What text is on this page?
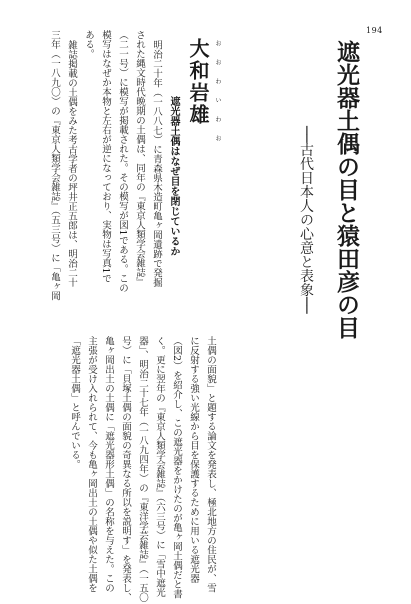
194
遮光器土偶の目と猿田彦の目
──古代日本人の心意と表象──
おおわいわお
大和岩雄
遮光器土偶はなぜ目を閉じているか
明治二十年（一八八七）に青森県木造町亀ヶ岡遺跡で発掘
された縄文時代晩期の土偶は、同年の『東京人類学会雑誌』
（二一号）に模写が掲載された。その模写が図1である。この
模写はなぜか本物と左右が逆になっており、実物は写真1で
ある。
雑誌掲載の土偶をみた考古学者の坪井正五郎は、明治二十
三年（一八九〇）の『東京人類学会雑誌』（五三号）に「亀ヶ岡
土偶の面貌」と題する論文を発表し、極北地方の住民が、雪
に反射する強い光線から目を保護するために用いる遮光器
（図2）を紹介し、この遮光器をかけたのが亀ヶ岡土偶だと書
く。更に翌年の『東京人類学会雑誌』（六三号）に「雪中遮光
器」、明治二十七年（一八九四年）の『東洋学芸雑誌』（一五〇
号）に「貝塚土偶の面貌の奇異なる所以を説明す」を発表し、
亀ヶ岡出土の土偶に「遮光器形土偶」の名称を与えた。この
主張が受け入れられて、今も亀ヶ岡出土の土偶や似た土偶を
「遮光器土偶」と呼んでいる。
